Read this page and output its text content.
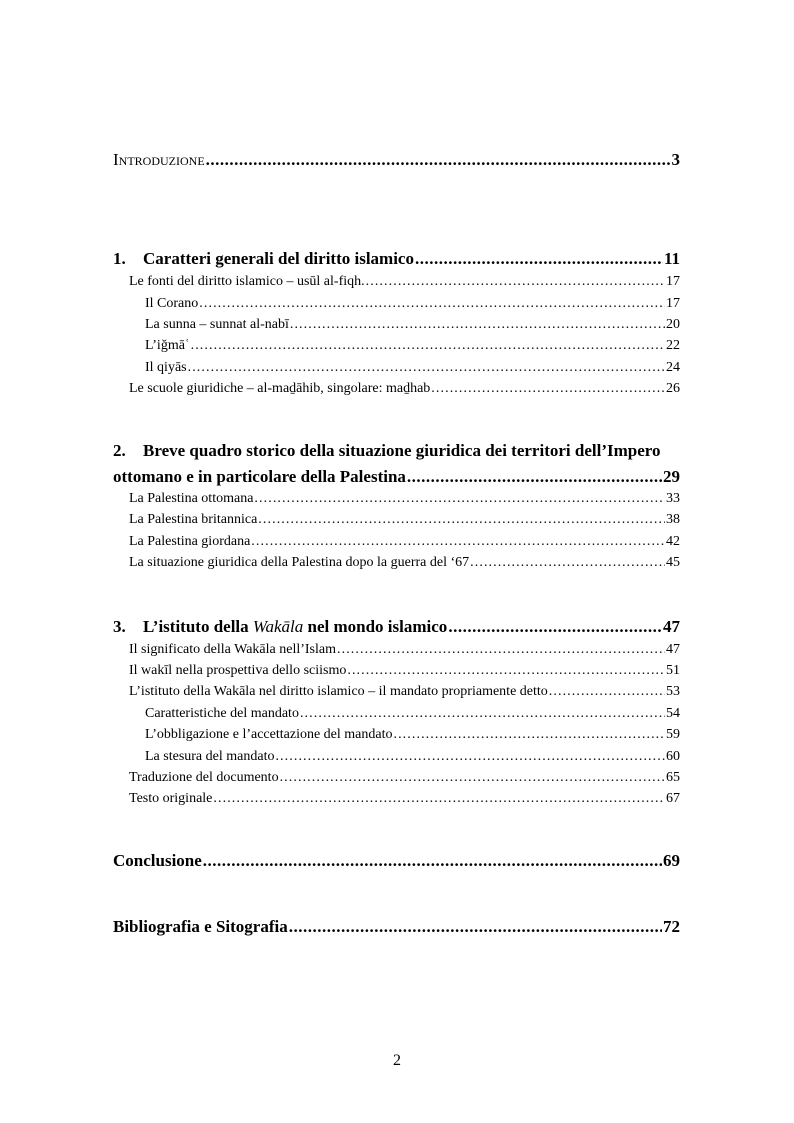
Introduzione .....	3
1. Caratteri generali del diritto islamico .....	11
Le fonti del diritto islamico – usūl al-fiqh. . . .	17
Il Corano . . .	17
La sunna – sunnat al-nabī . . .	20
L’iǧmāʿ . . .	22
Il qiyās . . .	24
Le scuole giuridiche – al-maḏāhib, singolare: maḏhab . . .	26
2. Breve quadro storico della situazione giuridica dei territori dell’Impero
ottomano e in particolare della Palestina .....	29
La Palestina ottomana . . .	33
La Palestina britannica . . .	38
La Palestina giordana . . .	42
La situazione giuridica della Palestina dopo la guerra del ‘67 . . .	45
3. L’istituto della Wakāla nel mondo islamico .....	47
Il significato della Wakāla nell’Islam . . .	47
Il wakīl nella prospettiva dello sciismo . . .	51
L’istituto della Wakāla nel diritto islamico – il mandato propriamente detto . . .	53
Caratteristiche del mandato . . .	54
L’obbligazione e l’accettazione del mandato . . .	59
La stesura del mandato . . .	60
Traduzione del documento . . .	65
Testo originale . . .	67
Conclusione .....	69
Bibliografia e Sitografia .....	72
2
